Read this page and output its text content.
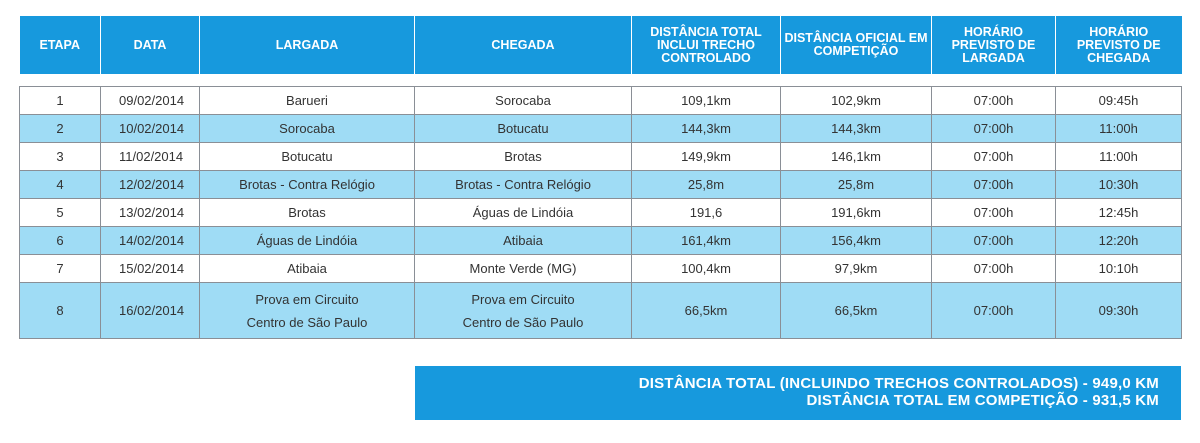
ETAPA	DATA	LARGADA	CHEGADA	DISTÂNCIA TOTAL INCLUI TRECHO CONTROLADO	DISTÂNCIA OFICIAL EM COMPETIÇÃO	HORÁRIO PREVISTO DE LARGADA	HORÁRIO PREVISTO DE CHEGADA

1	09/02/2014	Barueri	Sorocaba	109,1km	102,9km	07:00h	09:45h
2	10/02/2014	Sorocaba	Botucatu	144,3km	144,3km	07:00h	11:00h
3	11/02/2014	Botucatu	Brotas	149,9km	146,1km	07:00h	11:00h
4	12/02/2014	Brotas - Contra Relógio	Brotas - Contra Relógio	25,8m	25,8m	07:00h	10:30h
5	13/02/2014	Brotas	Águas de Lindóia	191,6	191,6km	07:00h	12:45h
6	14/02/2014	Águas de Lindóia	Atibaia	161,4km	156,4km	07:00h	12:20h
7	15/02/2014	Atibaia	Monte Verde (MG)	100,4km	97,9km	07:00h	10:10h
8	16/02/2014	Prova em Circuito
Centro de São Paulo	Prova em Circuito
Centro de São Paulo	66,5km	66,5km	07:00h	09:30h
DISTÂNCIA TOTAL (INCLUINDO TRECHOS CONTROLADOS) - 949,0 KM
DISTÂNCIA TOTAL EM COMPETIÇÃO - 931,5 KM
